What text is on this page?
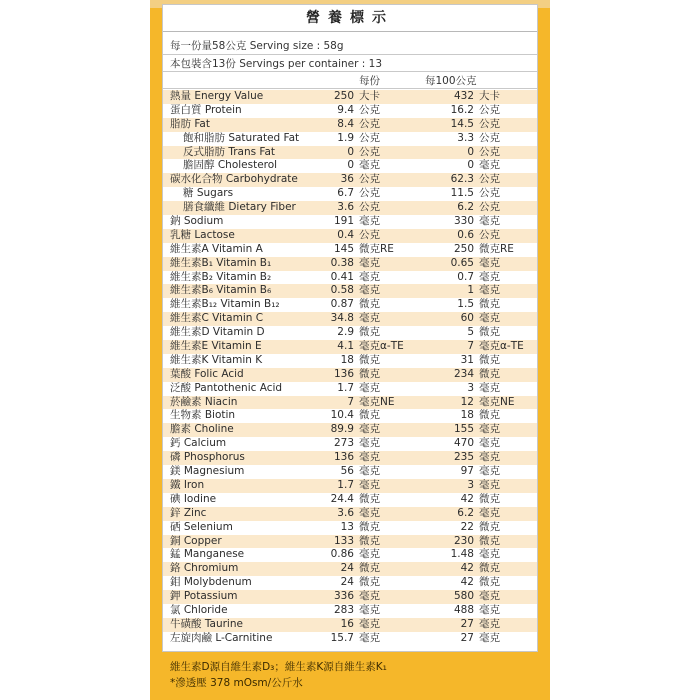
營養標示
每一份量58公克 Serving size : 58g
本包裝含13份 Servings per container : 13
每份	每100公克
熱量 Energy Value	250 大卡	432 大卡
蛋白質 Protein	9.4 公克	16.2 公克
脂肪 Fat	8.4 公克	14.5 公克
飽和脂肪 Saturated Fat	1.9 公克	3.3 公克
反式脂肪 Trans Fat	0 公克	0 公克
膽固醇 Cholesterol	0 毫克	0 毫克
碳水化合物 Carbohydrate	36 公克	62.3 公克
糖 Sugars	6.7 公克	11.5 公克
膳食纖維 Dietary Fiber	3.6 公克	6.2 公克
鈉 Sodium	191 毫克	330 毫克
乳糖 Lactose	0.4 公克	0.6 公克
維生素A Vitamin A	145 微克RE	250 微克RE
維生素B₁ Vitamin B₁	0.38 毫克	0.65 毫克
維生素B₂ Vitamin B₂	0.41 毫克	0.7 毫克
維生素B₆ Vitamin B₆	0.58 毫克	1 毫克
維生素B₁₂ Vitamin B₁₂	0.87 微克	1.5 微克
維生素C Vitamin C	34.8 毫克	60 毫克
維生素D Vitamin D	2.9 微克	5 微克
維生素E Vitamin E	4.1 毫克α-TE	7 毫克α-TE
維生素K Vitamin K	18 微克	31 微克
葉酸 Folic Acid	136 微克	234 微克
泛酸 Pantothenic Acid	1.7 毫克	3 毫克
菸鹼素 Niacin	7 毫克NE	12 毫克NE
生物素 Biotin	10.4 微克	18 微克
膽素 Choline	89.9 毫克	155 毫克
鈣 Calcium	273 毫克	470 毫克
磷 Phosphorus	136 毫克	235 毫克
鎂 Magnesium	56 毫克	97 毫克
鐵 Iron	1.7 毫克	3 毫克
碘 Iodine	24.4 微克	42 微克
鋅 Zinc	3.6 毫克	6.2 毫克
硒 Selenium	13 微克	22 微克
銅 Copper	133 微克	230 微克
錳 Manganese	0.86 毫克	1.48 毫克
鉻 Chromium	24 微克	42 微克
鉬 Molybdenum	24 微克	42 微克
鉀 Potassium	336 毫克	580 毫克
氯 Chloride	283 毫克	488 毫克
牛磺酸 Taurine	16 毫克	27 毫克
左旋肉鹼 L-Carnitine	15.7 毫克	27 毫克
維生素D源自維生素D₃；維生素K源自維生素K₁
*滲透壓 378 mOsm/公斤水
